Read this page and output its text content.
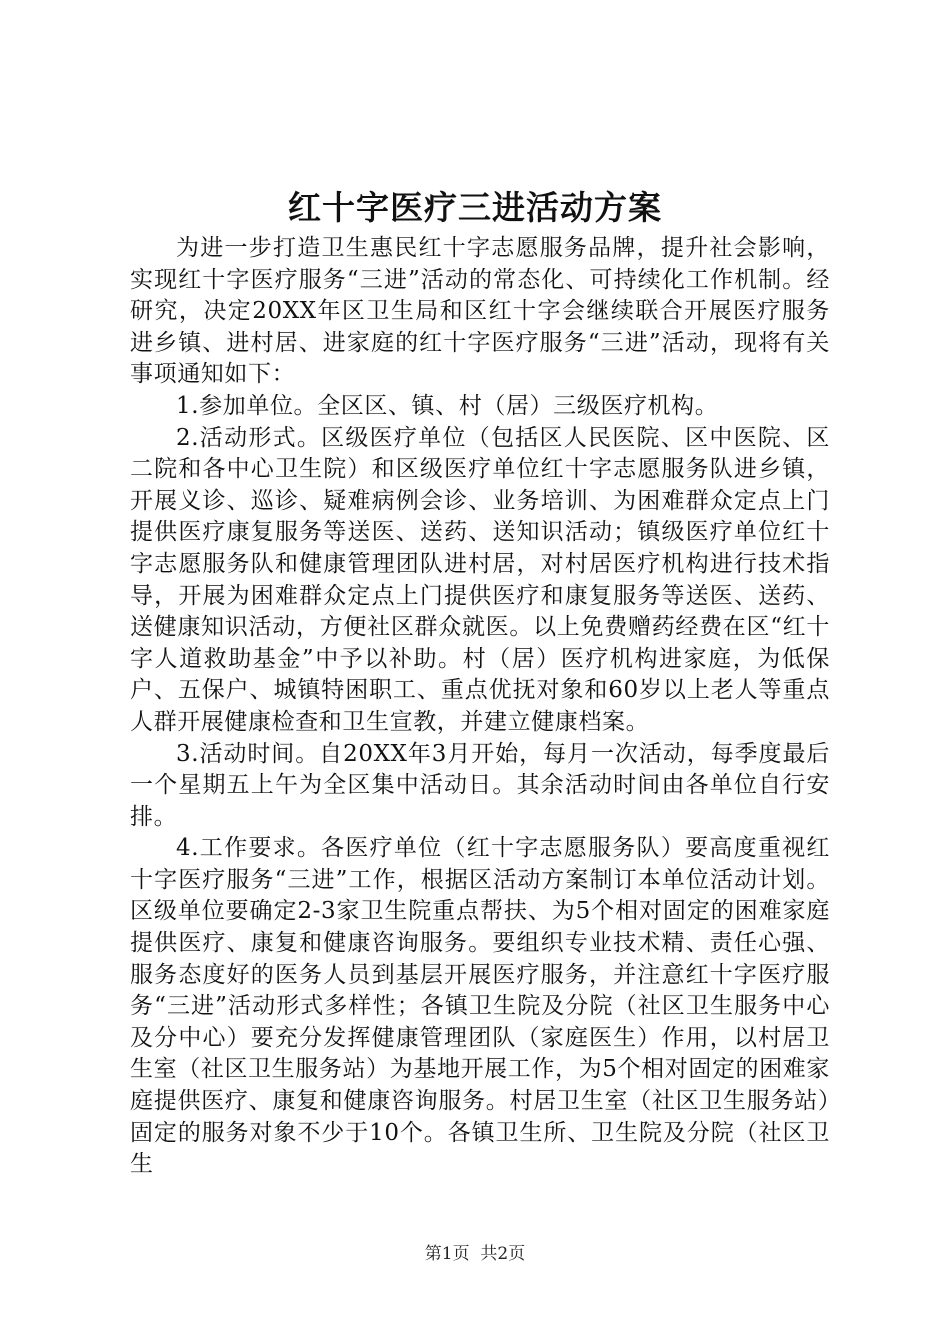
红十字医疗三进活动方案

为进一步打造卫生惠民红十字志愿服务品牌，提升社会影响，实现红十字医疗服务“三进”活动的常态化、可持续化工作机制。经研究，决定20XX年区卫生局和区红十字会继续联合开展医疗服务进乡镇、进村居、进家庭的红十字医疗服务“三进”活动，现将有关事项通知如下：

1.参加单位。全区区、镇、村（居）三级医疗机构。

2.活动形式。区级医疗单位（包括区人民医院、区中医院、区二院和各中心卫生院）和区级医疗单位红十字志愿服务队进乡镇，开展义诊、巡诊、疑难病例会诊、业务培训、为困难群众定点上门提供医疗康复服务等送医、送药、送知识活动；镇级医疗单位红十字志愿服务队和健康管理团队进村居，对村居医疗机构进行技术指导，开展为困难群众定点上门提供医疗和康复服务等送医、送药、送健康知识活动，方便社区群众就医。以上免费赠药经费在区“红十字人道救助基金”中予以补助。村（居）医疗机构进家庭，为低保户、五保户、城镇特困职工、重点优抚对象和60岁以上老人等重点人群开展健康检查和卫生宣教，并建立健康档案。

3.活动时间。自20XX年3月开始，每月一次活动，每季度最后一个星期五上午为全区集中活动日。其余活动时间由各单位自行安排。

4.工作要求。各医疗单位（红十字志愿服务队）要高度重视红十字医疗服务“三进”工作，根据区活动方案制订本单位活动计划。区级单位要确定2-3家卫生院重点帮扶、为5个相对固定的困难家庭提供医疗、康复和健康咨询服务。要组织专业技术精、责任心强、服务态度好的医务人员到基层开展医疗服务，并注意红十字医疗服务“三进”活动形式多样性；各镇卫生院及分院（社区卫生服务中心及分中心）要充分发挥健康管理团队（家庭医生）作用，以村居卫生室（社区卫生服务站）为基地开展工作，为5个相对固定的困难家庭提供医疗、康复和健康咨询服务。村居卫生室（社区卫生服务站）固定的服务对象不少于10个。各镇卫生所、卫生院及分院（社区卫生

第1页 共2页
